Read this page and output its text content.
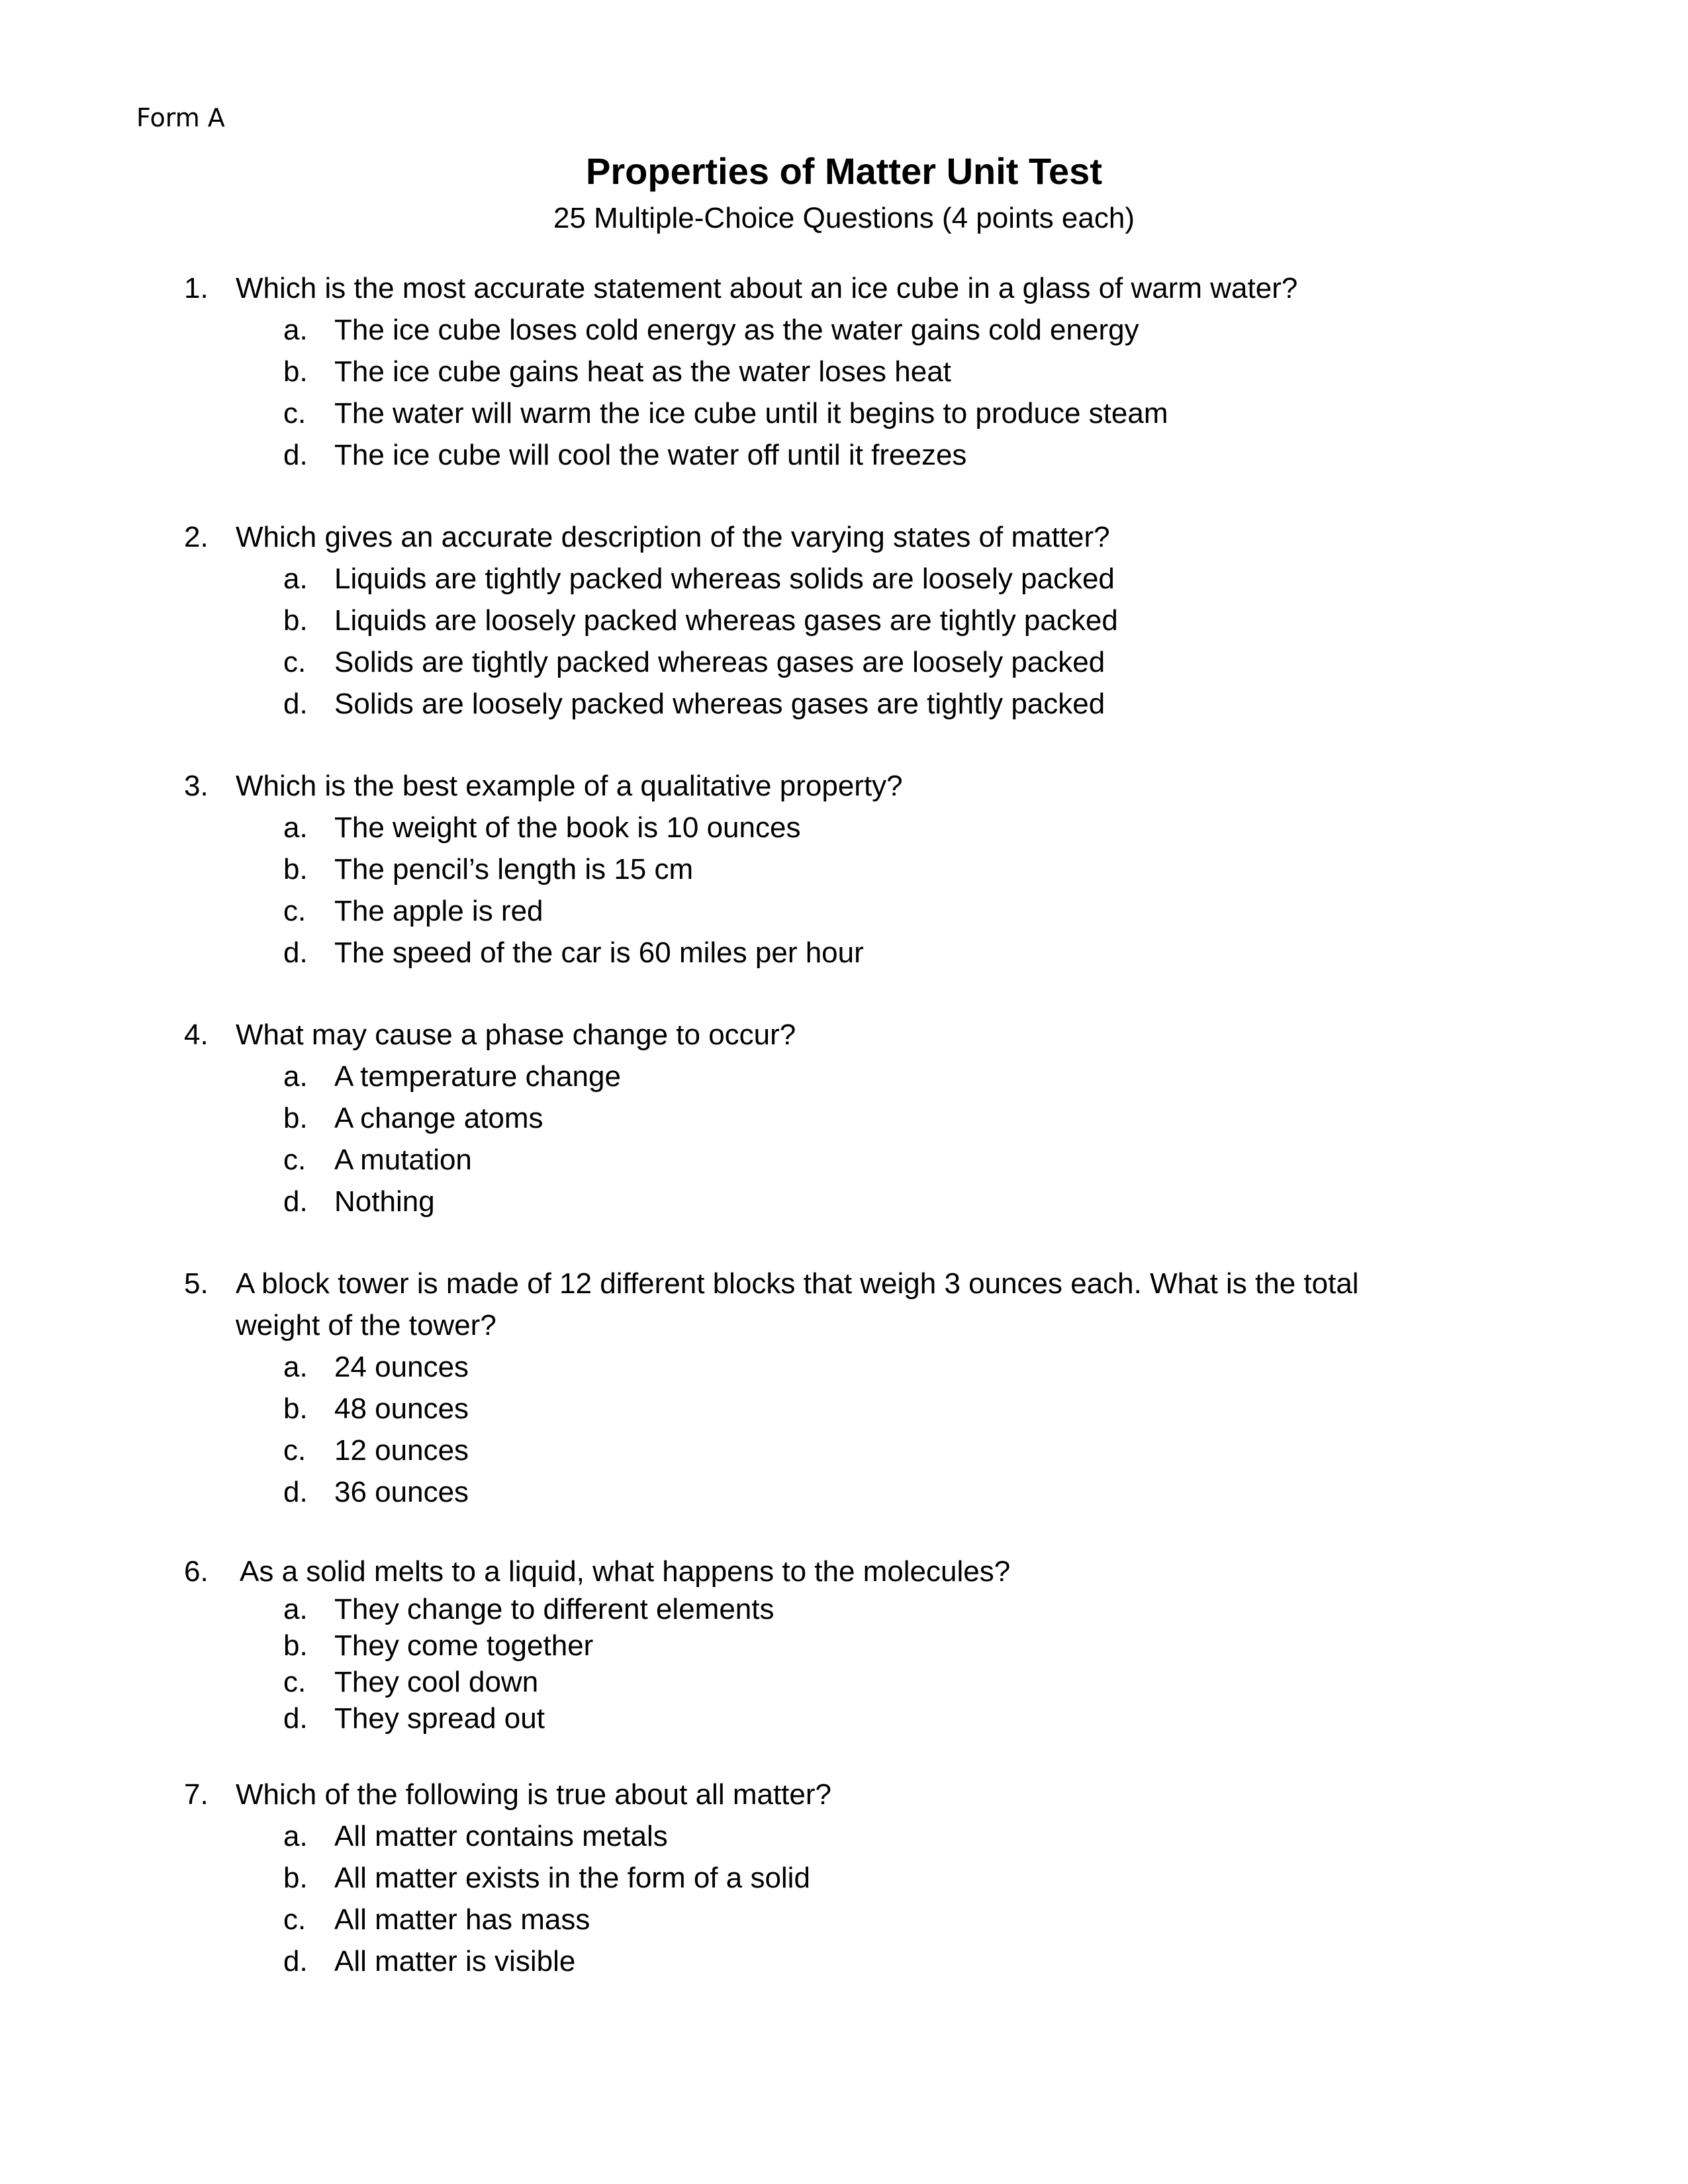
Form A
Properties of Matter Unit Test
25 Multiple-Choice Questions (4 points each)
1. Which is the most accurate statement about an ice cube in a glass of warm water?
a. The ice cube loses cold energy as the water gains cold energy
b. The ice cube gains heat as the water loses heat
c. The water will warm the ice cube until it begins to produce steam
d. The ice cube will cool the water off until it freezes
2. Which gives an accurate description of the varying states of matter?
a. Liquids are tightly packed whereas solids are loosely packed
b. Liquids are loosely packed whereas gases are tightly packed
c. Solids are tightly packed whereas gases are loosely packed
d. Solids are loosely packed whereas gases are tightly packed
3. Which is the best example of a qualitative property?
a. The weight of the book is 10 ounces
b. The pencil’s length is 15 cm
c. The apple is red
d. The speed of the car is 60 miles per hour
4. What may cause a phase change to occur?
a. A temperature change
b. A change atoms
c. A mutation
d. Nothing
5. A block tower is made of 12 different blocks that weigh 3 ounces each. What is the total
weight of the tower?
a. 24 ounces
b. 48 ounces
c. 12 ounces
d. 36 ounces
6. As a solid melts to a liquid, what happens to the molecules?
a. They change to different elements
b. They come together
c. They cool down
d. They spread out
7. Which of the following is true about all matter?
a. All matter contains metals
b. All matter exists in the form of a solid
c. All matter has mass
d. All matter is visible
